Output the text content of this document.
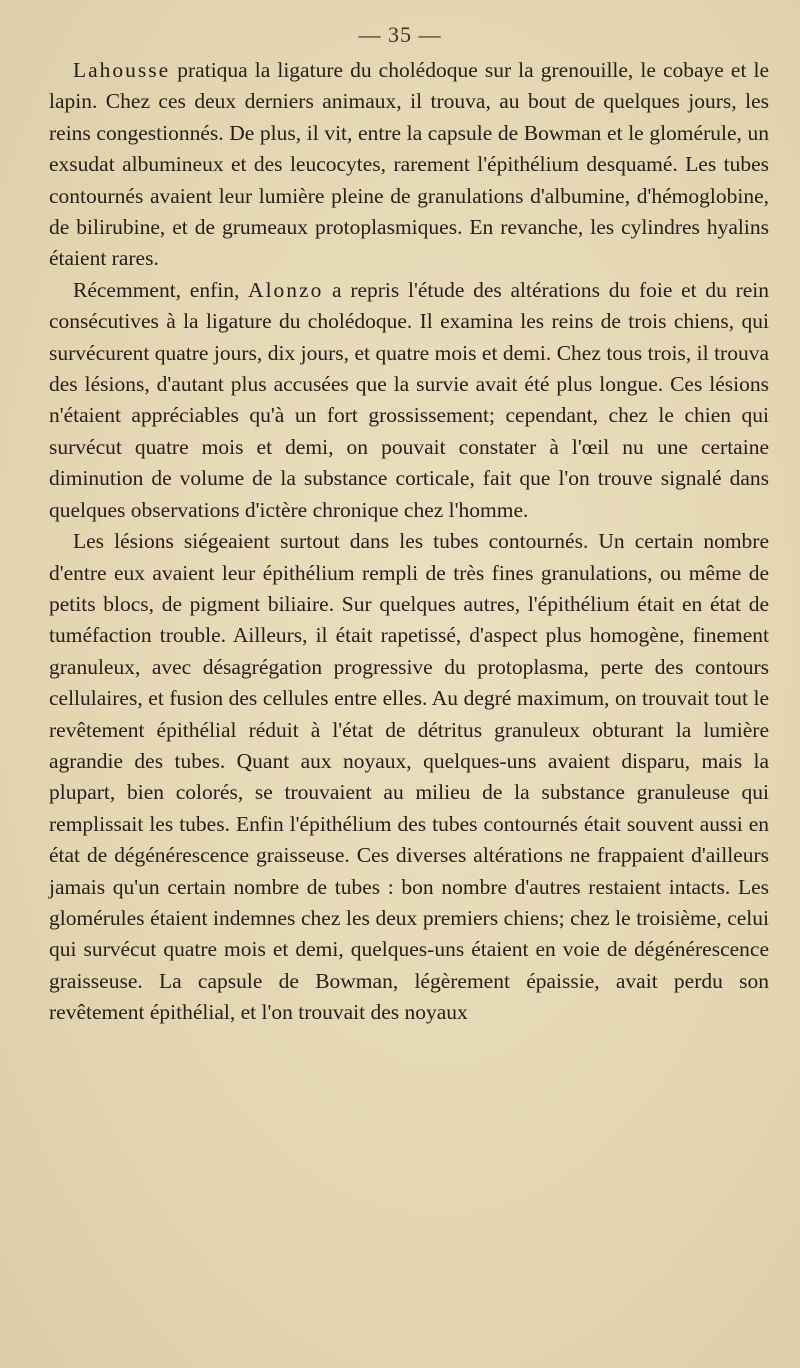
— 35 —

Lahousse pratiqua la ligature du cholédoque sur la grenouille, le cobaye et le lapin. Chez ces deux derniers animaux, il trouva, au bout de quelques jours, les reins congestionnés. De plus, il vit, entre la capsule de Bowman et le glomérule, un exsudat albumineux et des leucocytes, rarement l'épithélium desquamé. Les tubes contournés avaient leur lumière pleine de granulations d'albumine, d'hémoglobine, de bilirubine, et de grumeaux protoplasmiques. En revanche, les cylindres hyalins étaient rares.

Récemment, enfin, Alonzo a repris l'étude des altérations du foie et du rein consécutives à la ligature du cholédoque. Il examina les reins de trois chiens, qui survécurent quatre jours, dix jours, et quatre mois et demi. Chez tous trois, il trouva des lésions, d'autant plus accusées que la survie avait été plus longue. Ces lésions n'étaient appréciables qu'à un fort grossissement; cependant, chez le chien qui survécut quatre mois et demi, on pouvait constater à l'œil nu une certaine diminution de volume de la substance corticale, fait que l'on trouve signalé dans quelques observations d'ictère chronique chez l'homme.

Les lésions siégeaient surtout dans les tubes contournés. Un certain nombre d'entre eux avaient leur épithélium rempli de très fines granulations, ou même de petits blocs, de pigment biliaire. Sur quelques autres, l'épithélium était en état de tuméfaction trouble. Ailleurs, il était rapetissé, d'aspect plus homogène, finement granuleux, avec désagrégation progressive du protoplasma, perte des contours cellulaires, et fusion des cellules entre elles. Au degré maximum, on trouvait tout le revêtement épithélial réduit à l'état de détritus granuleux obturant la lumière agrandie des tubes. Quant aux noyaux, quelques-uns avaient disparu, mais la plupart, bien colorés, se trouvaient au milieu de la substance granuleuse qui remplissait les tubes. Enfin l'épithélium des tubes contournés était souvent aussi en état de dégénérescence graisseuse. Ces diverses altérations ne frappaient d'ailleurs jamais qu'un certain nombre de tubes : bon nombre d'autres restaient intacts. Les glomérules étaient indemnes chez les deux premiers chiens; chez le troisième, celui qui survécut quatre mois et demi, quelques-uns étaient en voie de dégénérescence graisseuse. La capsule de Bowman, légèrement épaissie, avait perdu son revêtement épithélial, et l'on trouvait des noyaux
